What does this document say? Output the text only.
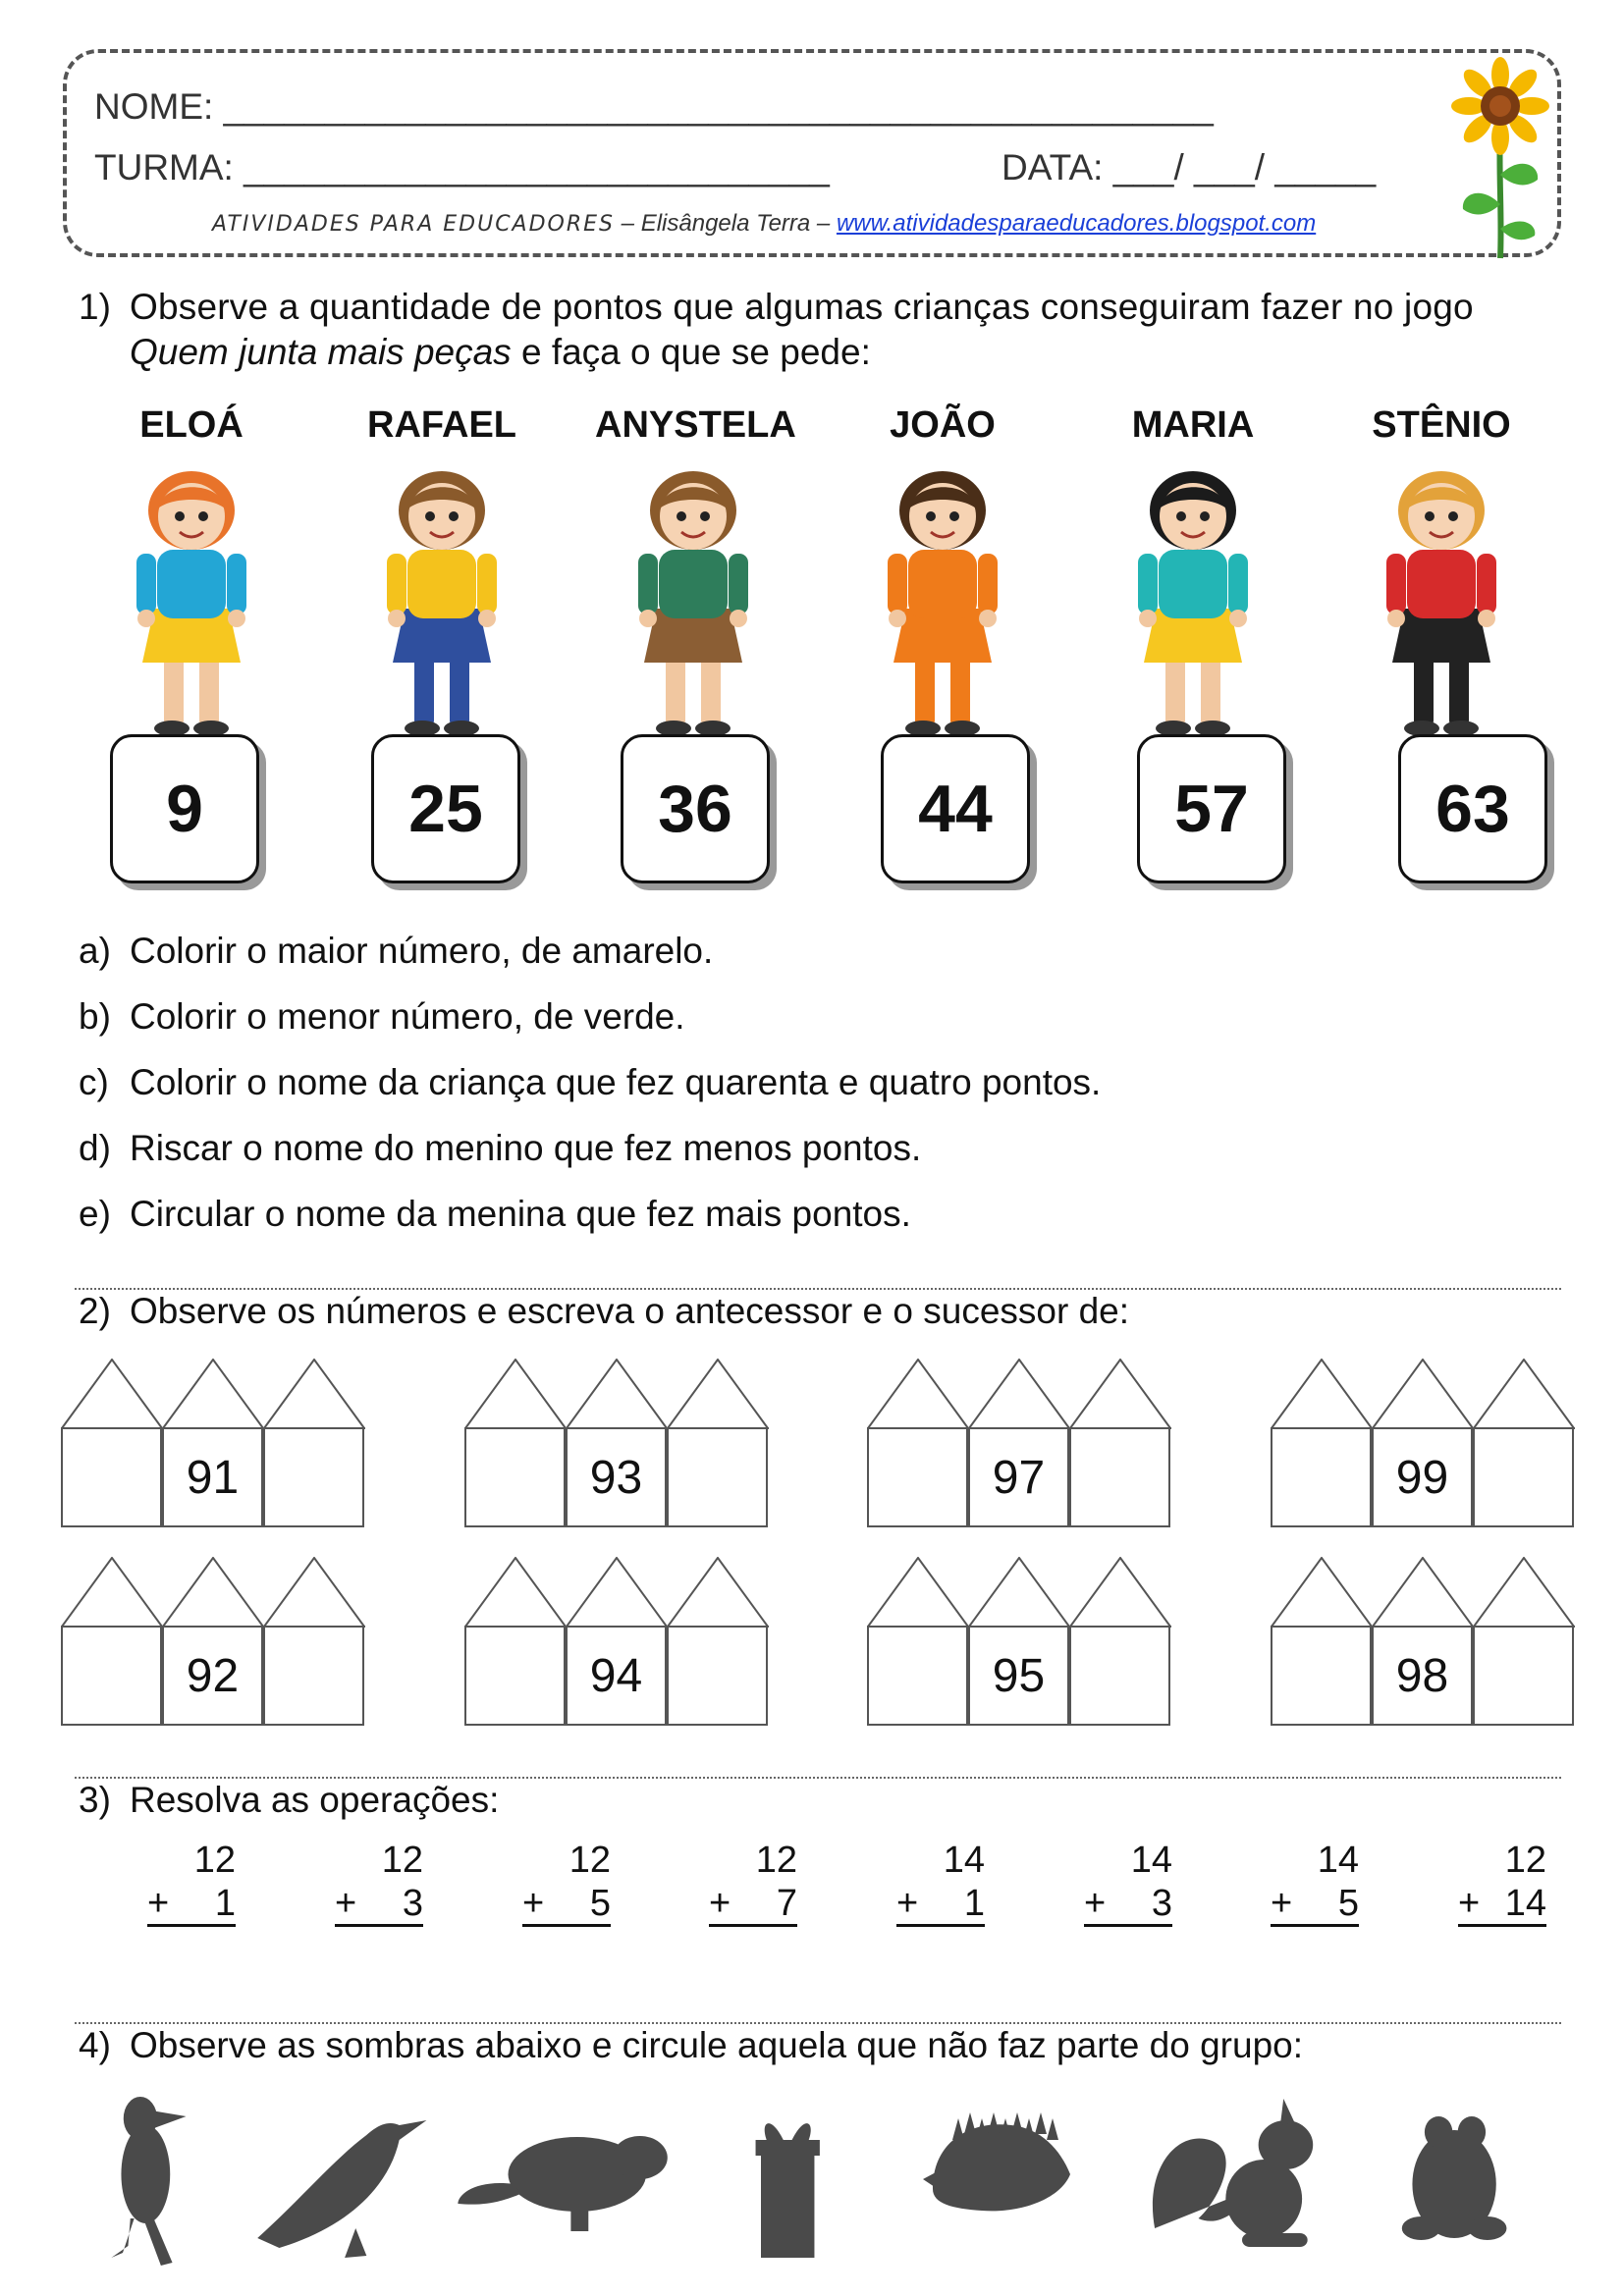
NOME: _________________________________________________
TURMA: _____________________________	DATA: ___/ ___/ _____
ATIVIDADES PARA EDUCADORES – Elisângela Terra – www.atividadesparaeducadores.blogspot.com
1) Observe a quantidade de pontos que algumas crianças conseguiram fazer no jogo
Quem junta mais peças e faça o que se pede:
ELOÁ
9
RAFAEL
25
ANYSTELA
36
JOÃO
44
MARIA
57
STÊNIO
63
a) Colorir o maior número, de amarelo.
b) Colorir o menor número, de verde.
c) Colorir o nome da criança que fez quarenta e quatro pontos.
d) Riscar o nome do menino que fez menos pontos.
e) Circular o nome da menina que fez mais pontos.
2) Observe os números e escreva o antecessor e o sucessor de:
91	93	97	99
92	94	95	98
3) Resolva as operações:
12
+ 1
12
+ 3
12
+ 5
12
+ 7
14
+ 1
14
+ 3
14
+ 5
12
+ 14
4) Observe as sombras abaixo e circule aquela que não faz parte do grupo:
